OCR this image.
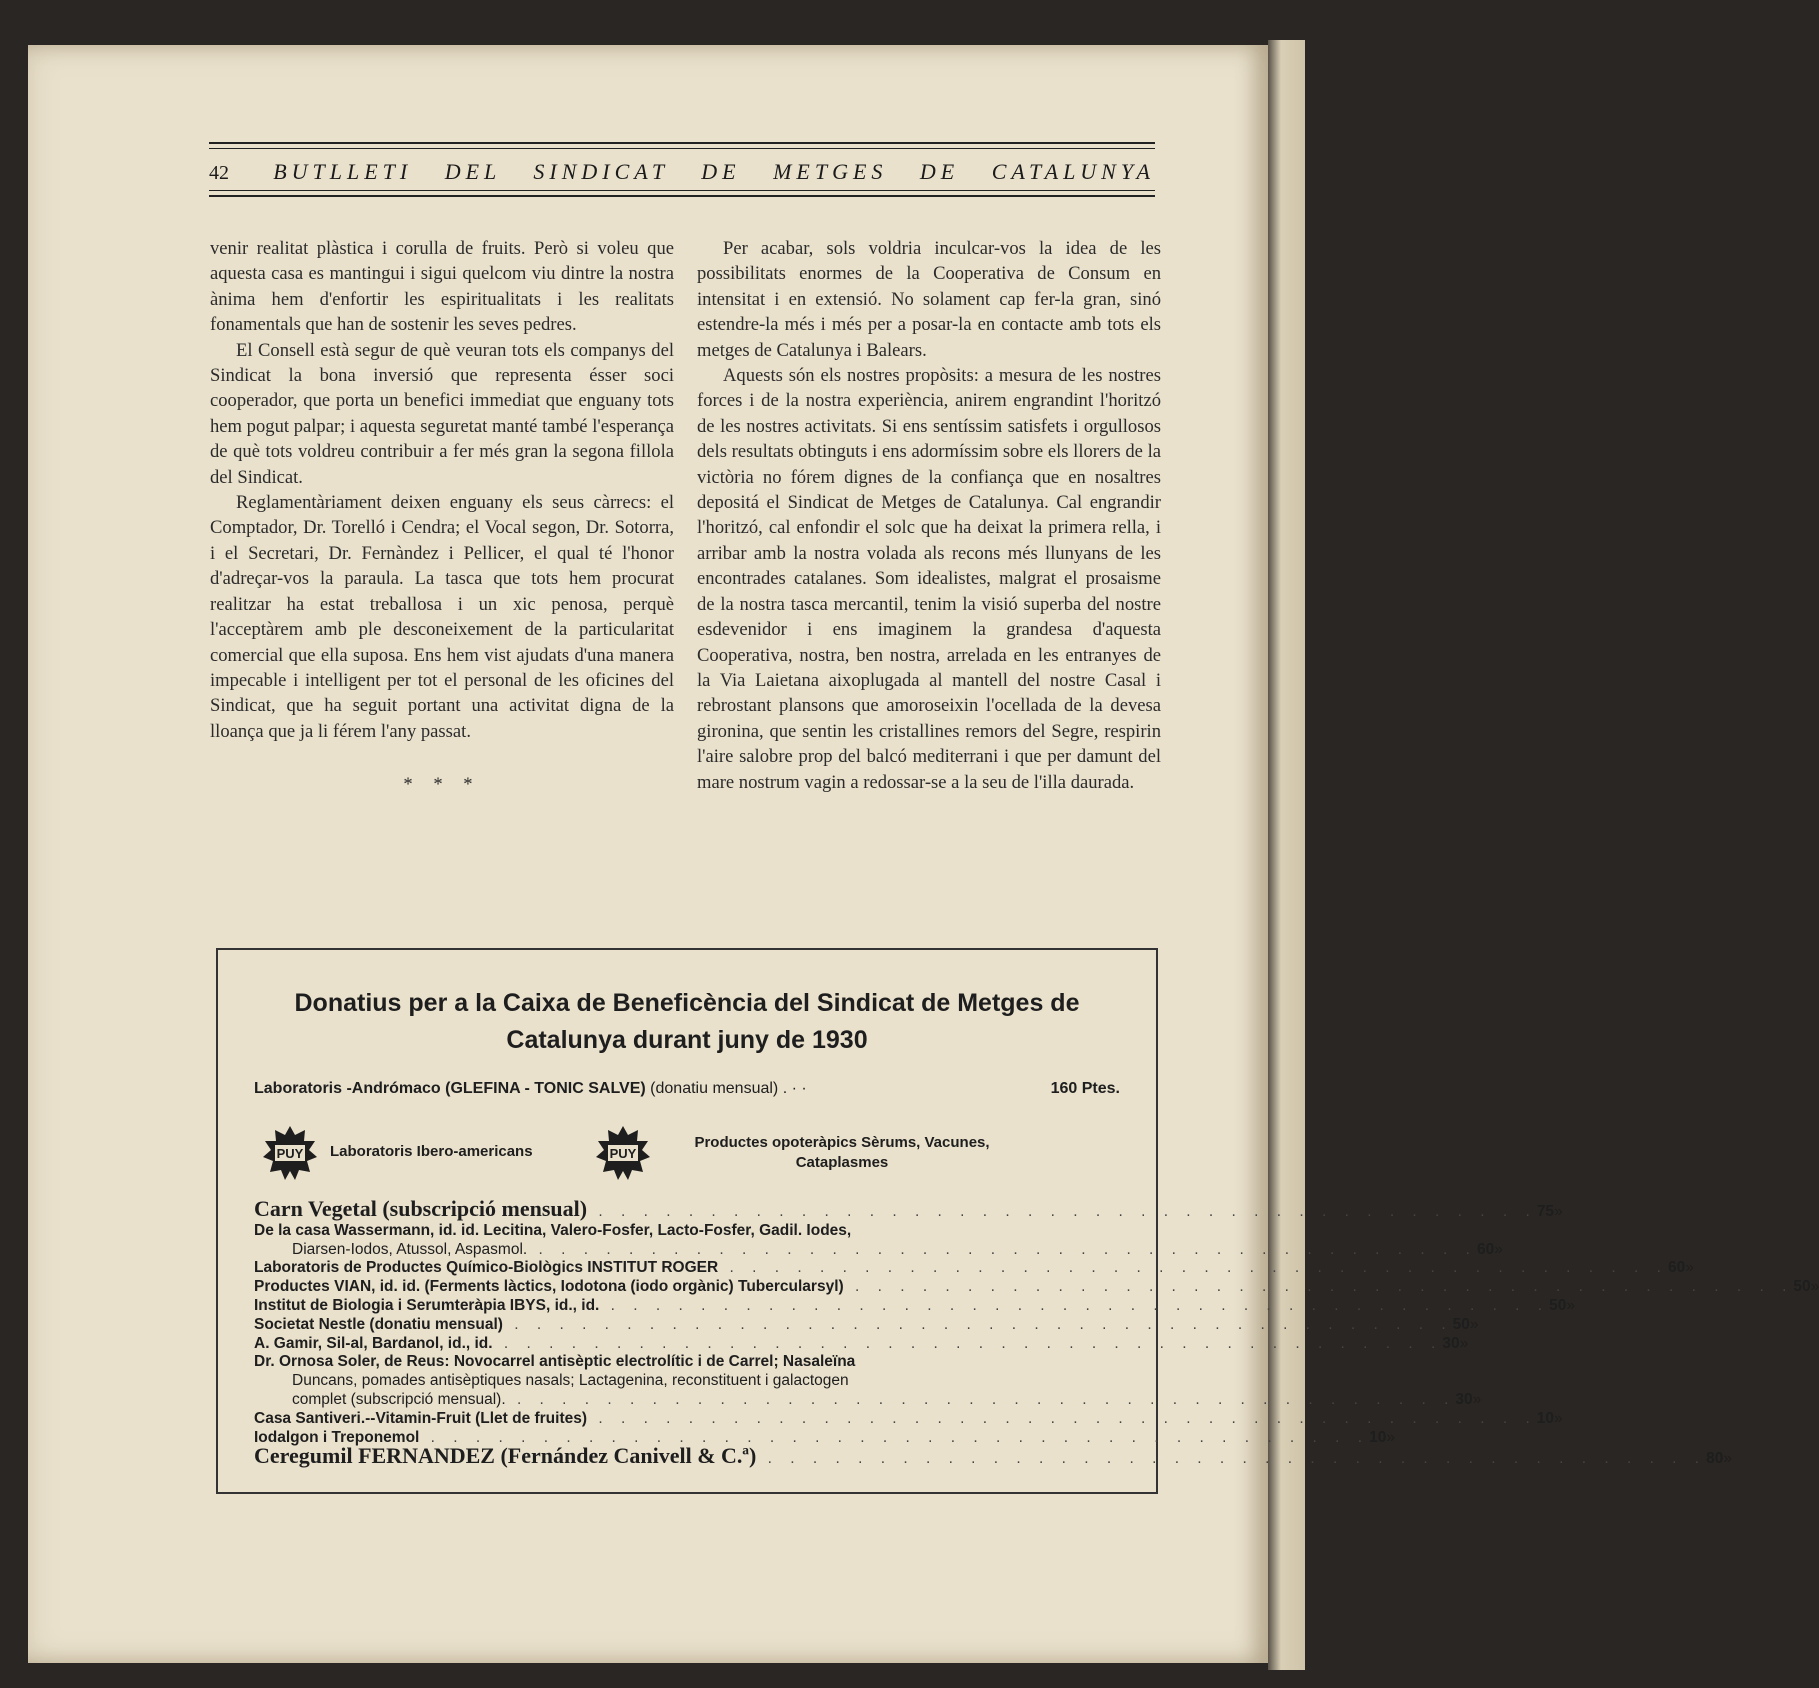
42 BUTLLETI DEL SINDICAT DE METGES DE CATALUNYA

venir realitat plàstica i corulla de fruits. Però si voleu que aquesta casa es mantingui i sigui quelcom viu dintre la nostra ànima hem d'enfortir les espiritualitats i les realitats fonamentals que han de sostenir les seves pedres.

El Consell està segur de què veuran tots els companys del Sindicat la bona inversió que representa ésser soci cooperador, que porta un benefici immediat que enguany tots hem pogut palpar; i aquesta seguretat manté també l'esperança de què tots voldreu contribuir a fer més gran la segona fillola del Sindicat.

Reglamentàriament deixen enguany els seus càrrecs: el Comptador, Dr. Torelló i Cendra; el Vocal segon, Dr. Sotorra, i el Secretari, Dr. Fernàndez i Pellicer, el qual té l'honor d'adreçar-vos la paraula. La tasca que tots hem procurat realitzar ha estat treballosa i un xic penosa, perquè l'acceptàrem amb ple desconeixement de la particularitat comercial que ella suposa. Ens hem vist ajudats d'una manera impecable i intelligent per tot el personal de les oficines del Sindicat, que ha seguit portant una activitat digna de la lloança que ja li férem l'any passat.

* * *

Per acabar, sols voldria inculcar-vos la idea de les possibilitats enormes de la Cooperativa de Consum en intensitat i en extensió. No solament cap fer-la gran, sinó estendre-la més i més per a posar-la en contacte amb tots els metges de Catalunya i Balears.

Aquests són els nostres propòsits: a mesura de les nostres forces i de la nostra experiència, anirem engrandint l'horitzó de les nostres activitats. Si ens sentíssim satisfets i orgullosos dels resultats obtinguts i ens adormíssim sobre els llorers de la victòria no fórem dignes de la confiança que en nosaltres depositá el Sindicat de Metges de Catalunya. Cal engrandir l'horitzó, cal enfondir el solc que ha deixat la primera rella, i arribar amb la nostra volada als recons més llunyans de les encontrades catalanes. Som idealistes, malgrat el prosaisme de la nostra tasca mercantil, tenim la visió superba del nostre esdevenidor i ens imaginem la grandesa d'aquesta Cooperativa, nostra, ben nostra, arrelada en les entranyes de la Via Laietana aixoplugada al mantell del nostre Casal i rebrostant plansons que amoroseixin l'ocellada de la devesa gironina, que sentin les cristallines remors del Segre, respirin l'aire salobre prop del balcó mediterrani i que per damunt del mare nostrum vagin a redossar-se a la seu de l'illa daurada.

Donatius per a la Caixa de Beneficència del Sindicat de Metges de Catalunya durant juny de 1930
Laboratoris -Andrómaco (GLEFINA - TONIC SALVE) (donatiu mensual) . · ·	160 Ptes.
PUY Laboratoris Ibero-americans	PUY
Productes opoteràpics Sèrums, Vacunes,
Cataplasmes
Carn Vegetal (subscripció mensual) . . . . . . . . . . . . . . . . . . . . . . . . . . . . . . . . . . . . . . . . . . 75 »
De la casa Wassermann, id. id. Lecitina, Valero-Fosfer, Lacto-Fosfer, Gadil. Iodes,
Diarsen-Iodos, Atussol, Aspasmol. . . . . . . . . . . . . . . . . . . . . . . . . . . . . . . . . . . . . . . . . . . 60 »
Laboratoris de Productes Químico-Biològics INSTITUT ROGER . . . . . . . . . . . . . . . . . . . . . . . . . . . . . . . . . . . . . . . . . . 60 »
Productes VIAN, id. id. (Ferments làctics, Iodotona (iodo orgànic) Tubercularsyl) . . . . . . . . . . . . . . . . . . . . . . . . . . . . . . . . . . . . . . . . . . 50 »
Institut de Biologia i Serumteràpia IBYS, id., id. . . . . . . . . . . . . . . . . . . . . . . . . . . . . . . . . . . . . . . . . . . 50 »
Societat Nestle (donatiu mensual) . . . . . . . . . . . . . . . . . . . . . . . . . . . . . . . . . . . . . . . . . . 50 »
A. Gamir, Sil-al, Bardanol, id., id. . . . . . . . . . . . . . . . . . . . . . . . . . . . . . . . . . . . . . . . . . . 30 »
Dr. Ornosa Soler, de Reus: Novocarrel antisèptic electrolític i de Carrel; Nasaleïna
Duncans, pomades antisèptiques nasals; Lactagenina, reconstituent i galactogen
complet (subscripció mensual). . . . . . . . . . . . . . . . . . . . . . . . . . . . . . . . . . . . . . . . . . . 30 »
Casa Santiveri.--Vitamin-Fruit (Llet de fruites) . . . . . . . . . . . . . . . . . . . . . . . . . . . . . . . . . . . . . . . . . . 10 »
Iodalgon i Treponemol . . . . . . . . . . . . . . . . . . . . . . . . . . . . . . . . . . . . . . . . . . 10 »
Ceregumil FERNANDEZ (Fernández Canivell & C.ª) . . . . . . . . . . . . . . . . . . . . . . . . . . . . . . . . . . . . . . . . . . 80 »
